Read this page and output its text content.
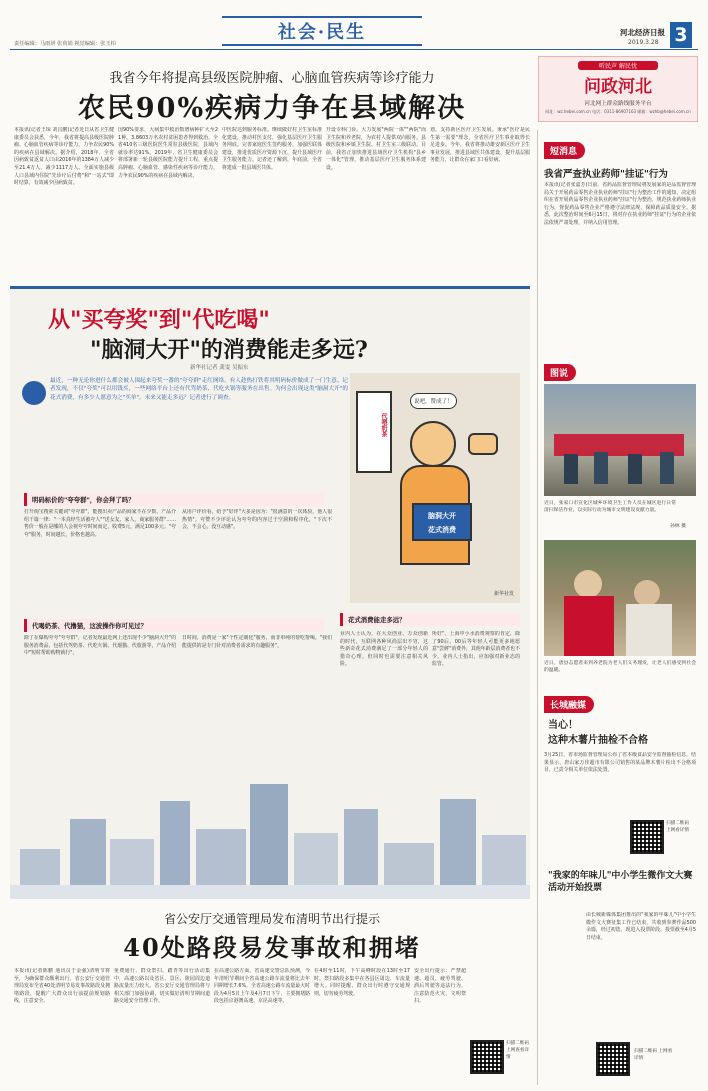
责任编辑：马雨妍 张荷娟 视觉编辑：张玉柏
社会·民生	河北经济日报
2019.3.28 3
我省今年将提高县级医院肿瘤、心脑血管疾病等诊疗能力
农民90%疾病力争在县域解决
本报讯(记者王琛 刘昌鹏)记者近日从省卫生健康委员会获悉，今年，我省将提高县级医院肿瘤、心脑血管疾病等诊疗能力，力争农民90%的疾病在县域解决。据介绍，2018年，全省因病致贫返贫人口由2016年的1384万人减少至21.4万人，减少1117万人。全面实施县级人口县域内住院"先诊疗后付费"和"一站式"即时结算，有效减少因病致贫。
国90%要求，大病集中救治数增病种扩大至21种，3.8603万名农村贫困患者得到救治。全省410名三级医院医生常驻县级医院，县域内就诊率达91%。2019年，省卫生健康委员会将部署新一轮县级医院能力提升工程，重点提高肿瘤、心脑血管、感染性疾病等诊疗能力，力争农民90%的疾病在县域内解决。
中医院达到服务标准。继续做好村卫生室标准化建设，推动村医支付，强化基层医疗卫生服务网底。完善家庭医生签约服务，加强医联体建设，推进优质医疗资源下沉，提升县域医疗卫生服务能力。记者还了解到，年底前，全省将建成一批县域医共体。
开设专科门诊。大力发展"两院一体""两院"而卫生院和养老院，为农村人提供双向服务。县级医院和乡镇卫生院、村卫生室三级联动。目前，我省正加快推进县域医疗卫生机构"县乡一体化"管理，推动基层医疗卫生服务体系建设。
划，支持新区医疗卫生发展。秉承"医疗是民生第一需要"理念，全省医疗卫生事业取得长足进步。今年，我省将推动雄安新区医疗卫生事业发展，推进县域医共体建设，提升基层服务能力，让群众在家门口看好病。
听民声 解民忧
问政河北
河北网上群众路线服务平台
网址：wz.hebei.com.cn 电话：0311-86907163 邮箱：wzhb@hebei.com.cn
从"买夸奖"到"代吃喝"
"脑洞大开"的消费能走多远?
新华社记者 龚雯 吴振东
最近，一种无论你进什么都会被人围起来夸奖一番的"夸夸群"走红网络，有人趁热打铁将其明码标价做成了一门生意。记者发现，不仅"夸奖"可以用钱买，一些网络平台上还有代驾奶茶、代吃火锅等服务在出售。为何会出现这类"脑洞大开"的花式消费，有多少人愿意为之"买单"，未来又能走多远？记者进行了调查。
代喂奶茶
说吧，赞成了！
脑洞大开
花式消费
新华社发
明码标价的"夸夸群"，你会拜了吗？
打开淘宝搜索关键词"夸夸群"，能搜出卖产品的商家不在少数，产品介绍千篇一律："一本真经生活被夸人""送女友、家人，商家服务群"……售价一般在是哪的人会视夸夸时间而定，收费5元，满足100多元。"夸夸"服务，时间越长，价格也越高。
从用户评价看，给予"好评"大多是因为："很满意的一次体验，他人很热情"。夸赞不少评论认为夸夸的内容过于空洞和程序化，"下次不会，不会心，没互动感"。
代喝奶茶、代撸猫，这波操作你可见过？
除了在爆购夸夸"夸夸群"，记者发现最近网上还出现不少"脑洞大开"的服务消费品，包括代驾奶茶、代吃火锅、代遛猫、代旅游等，产品介绍中"短时帮助购物就行"。
日时间，消费是一家"个性定制化"服务，而非单纯的帮吃帮喝。"我们能提供的是专门针对消费者需求的有趣服务"。
花式消费能走多远？
业内人士认为，在大众创业、万众创新的时代，互联网各种风尚层出不穷，这些新奇花式消费满足了一部分年轻人的猎奇心理，但同时也需要注意相关风险。
所好"。上海中小水消费观察的肯定，除了90后、00后等年轻人可能更多地愿意"尝鲜"消费外，其他年龄层消费者也不少。业内人士指出，应加强对新业态的监管。
省公安厅交通管理局发布清明节出行提示
40处路段易发事故和拥堵
本报讯(记者陈鹏 通讯员于金强)清明节将至，为确保群众顺利出行，省公安厅交通管理局发布全省40处清明节易发事故路段及拥堵路段，提醒广大群众出行前提前规划路线，注意安全。
免费通行，群众祭扫、踏青等出行活动集中，高速公路以及省区、景区、陵园周边道路流量压力较大。省公安厅交通管理局将与相关部门加强协调，切实做好清明节期间道路交通安全管理工作。
在高速公路方面，省高速交警总队预测，今年清明节期间全省高速公路车流量将比去年同期增长7.6%，全省高速公路车流量最大时段为4月5日上午及4月7日下午，主要拥堵路段包括京港澳高速、京昆高速等。
在4时至11时，下午高峰时段在13时至17时。祭扫路段多集中在各县区周边，车流量增大。同时提醒，群众出行时遵守交通规则，切勿疲劳驾驶。
安全出行提示：严禁超速、超员、疲劳驾驶、酒后驾驶等违法行为，注意防范火灾，文明祭扫。
扫描二维码 上网查看详情
短消息
我省严查执业药师"挂证"行为
本报讯(记者张嘉芳)日前，省药品监督管理局将发展家的是品监督管理局关于开展药品零售企业执业药师"挂证"行为整治工作的通知，决定组织在省开展药品零售企业执业药师"挂证"行为整治，规范执业药师执业行为，督促药品零售企业严格遵守法律法规，保障药品质量安全。据悉，此次整治时间至6月15日，将对存在执业药师"挂证"行为的企业依法依规严肃处理，并纳入信用管理。
图说
近日，张家口市宣化区城乡环境卫生工作人员在城区进行日常清扫保洁作业，以实际行动为城市文明建设贡献力量。
孙林 摄
近日，唐县志愿者来到养老院为老人们义务理发，让老人们感受到社会的温暖。
长城融媒
当心！
这种木薯片抽检不合格
3月25日，省市场监督管理局公布了省本级食品安全监督抽检信息，结果显示，唐山家万佳超市有限公司销售的某品牌木薯片检出不合格项目，已责令相关单位依法处置。
扫描二维码 上网看详情
"我家的年味儿"中小学生微作文大赛活动开始投票
由长城新媒体集团推出的"我家的年味儿"中小学生微作文大赛征集工作已结束，共收到参赛作品500余篇，经过初选，现进入投票阶段，投票截至4月5日结束。
扫描二维码 上网看详情
